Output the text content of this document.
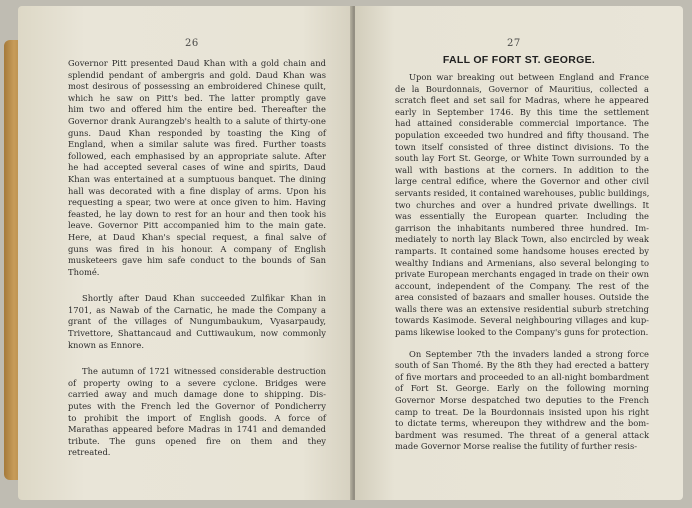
26
Governor Pitt presented Daud Khan with a gold chain and
splendid pendant of ambergris and gold. Daud Khan was
most desirous of possessing an embroidered Chinese quilt,
which he saw on Pitt's bed. The latter promptly gave
him two and offered him the entire bed. Thereafter the
Governor drank Aurangzeb's health to a salute of thirty-one
guns. Daud Khan responded by toasting the King of
England, when a similar salute was fired. Further toasts
followed, each emphasised by an appropriate salute. After
he had accepted several cases of wine and spirits, Daud
Khan was entertained at a sumptuous banquet. The dining
hall was decorated with a fine display of arms. Upon his
requesting a spear, two were at once given to him. Having
feasted, he lay down to rest for an hour and then took his
leave. Governor Pitt accompanied him to the main gate.
Here, at Daud Khan's special request, a final salve of
guns was fired in his honour. A company of English
musketeers gave him safe conduct to the bounds of San
Thomé.
Shortly after Daud Khan succeeded Zulfikar Khan in
1701, as Nawab of the Carnatic, he made the Company a
grant of the villages of Nungumbaukum, Vyasarpaudy,
Trivettore, Shattancaud and Cuttiwaukum, now commonly
known as Ennore.
The autumn of 1721 witnessed considerable destruction
of property owing to a severe cyclone. Bridges were
carried away and much damage done to shipping. Dis-
putes with the French led the Governor of Pondicherry
to prohibit the import of English goods. A force of
Marathas appeared before Madras in 1741 and demanded
tribute. The guns opened fire on them and they
retreated.
27
FALL OF FORT ST. GEORGE.
Upon war breaking out between England and France
de la Bourdonnais, Governor of Mauritius, collected a
scratch fleet and set sail for Madras, where he appeared
early in September 1746. By this time the settlement
had attained considerable commercial importance. The
population exceeded two hundred and fifty thousand. The
town itself consisted of three distinct divisions. To the
south lay Fort St. George, or White Town surrounded by a
wall with bastions at the corners. In addition to the
large central edifice, where the Governor and other civil
servants resided, it contained warehouses, public buildings,
two churches and over a hundred private dwellings. It
was essentially the European quarter. Including the
garrison the inhabitants numbered three hundred. Im-
mediately to north lay Black Town, also encircled by weak
ramparts. It contained some handsome houses erected by
wealthy Indians and Armenians, also several belonging to
private European merchants engaged in trade on their own
account, independent of the Company. The rest of the
area consisted of bazaars and smaller houses. Outside the
walls there was an extensive residential suburb stretching
towards Kasimode. Several neighbouring villages and kup-
pams likewise looked to the Company's guns for protection.
On September 7th the invaders landed a strong force
south of San Thomé. By the 8th they had erected a battery
of five mortars and proceeded to an all-night bombardment
of Fort St. George. Early on the following morning
Governor Morse despatched two deputies to the French
camp to treat. De la Bourdonnais insisted upon his right
to dictate terms, whereupon they withdrew and the bom-
bardment was resumed. The threat of a general attack
made Governor Morse realise the futility of further resis-
